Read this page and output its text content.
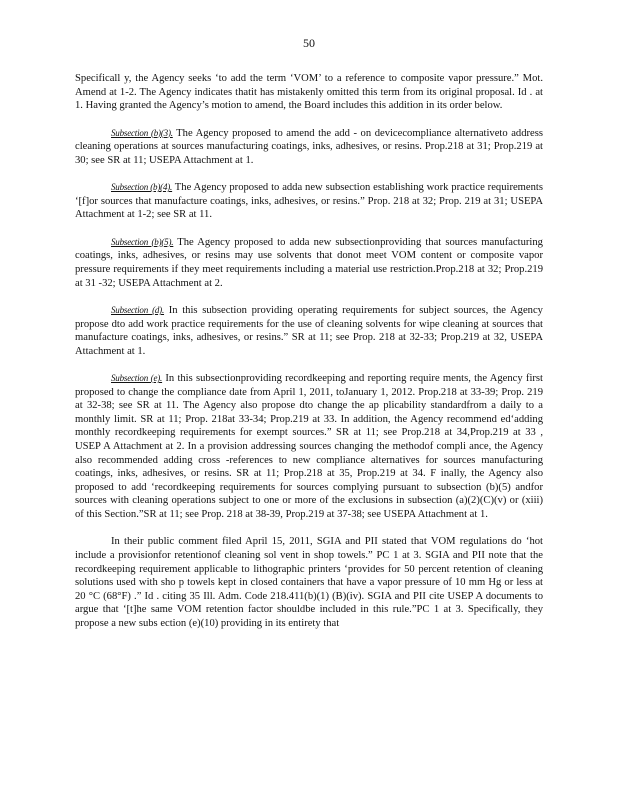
50

Specificall y, the Agency seeks ‘to add the term ‘VOM’ to a reference to composite vapor pressure.” Mot. Amend at 1-2. The Agency indicates thatit has mistakenly omitted this term from its original proposal. Id . at 1. Having granted the Agency’s motion to amend, the Board includes this addition in its order below.

Subsection (b)(3). The Agency proposed to amend the add - on devicecompliance alternativeto address cleaning operations at sources manufacturing coatings, inks, adhesives, or resins. Prop.218 at 31; Prop.219 at 30; see SR at 11; USEPA Attachment at 1.

Subsection (b)(4). The Agency proposed to adda new subsection establishing work practice requirements ‘[f]or sources that manufacture coatings, inks, adhesives, or resins.” Prop. 218 at 32; Prop. 219 at 31; USEPA Attachment at 1-2; see SR at 11.

Subsection (b)(5). The Agency proposed to adda new subsectionproviding that sources manufacturing coatings, inks, adhesives, or resins may use solvents that donot meet VOM content or composite vapor pressure requirements if they meet requirements including a material use restriction.Prop.218 at 32; Prop.219 at 31 -32; USEPA Attachment at 2.

Subsection (d). In this subsection providing operating requirements for subject sources, the Agency propose dto add work practice requirements for the use of cleaning solvents for wipe cleaning at sources that manufacture coatings, inks, adhesives, or resins.” SR at 11; see Prop. 218 at 32-33; Prop.219 at 32, USEPA Attachment at 1.

Subsection (e). In this subsectionproviding recordkeeping and reporting require ments, the Agency first proposed to change the compliance date from April 1, 2011, toJanuary 1, 2012. Prop.218 at 33-39; Prop. 219 at 32-38; see SR at 11. The Agency also propose dto change the ap plicability standardfrom a daily to a monthly limit. SR at 11; Prop. 218at 33-34; Prop.219 at 33. In addition, the Agency recommend ed‘adding monthly recordkeeping requirements for exempt sources.” SR at 11; see Prop.218 at 34,Prop.219 at 33 , USEP A Attachment at 2. In a provision addressing sources changing the methodof compli ance, the Agency also recommended adding cross -references to new compliance alternatives for sources manufacturing coatings, inks, adhesives, or resins. SR at 11; Prop.218 at 35, Prop.219 at 34. F inally, the Agency also proposed to add ‘recordkeeping requirements for sources complying pursuant to subsection (b)(5) andfor sources with cleaning operations subject to one or more of the exclusions in subsection (a)(2)(C)(v) or (xiii) of this Section.”SR at 11; see Prop. 218 at 38-39, Prop.219 at 37-38; see USEPA Attachment at 1.

In their public comment filed April 15, 2011, SGIA and PII stated that VOM regulations do ‘hot include a provisionfor retentionof cleaning sol vent in shop towels.” PC 1 at 3. SGIA and PII note that the recordkeeping requirement applicable to lithographic printers ‘provides for 50 percent retention of cleaning solutions used with sho p towels kept in closed containers that have a vapor pressure of 10 mm Hg or less at 20 °C (68°F) .” Id . citing 35 Ill. Adm. Code 218.411(b)(1) (B)(iv). SGIA and PII cite USEP A documents to argue that ‘[t]he same VOM retention factor shouldbe included in this rule.”PC 1 at 3. Specifically, they propose a new subs ection (e)(10) providing in its entirety that
